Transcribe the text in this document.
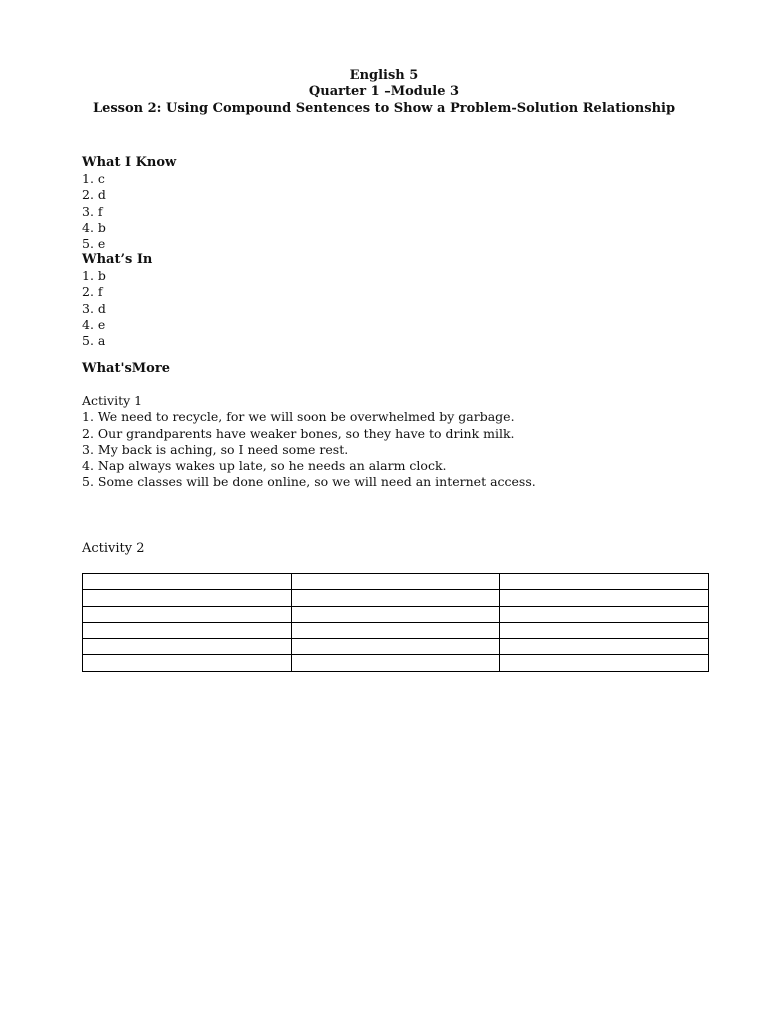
English 5
Quarter 1 –Module 3
Lesson 2: Using Compound Sentences to Show a Problem-Solution Relationship
What I Know
1. c
2. d
3. f
4. b
5. e
What’s In
1. b
2. f
3. d
4. e
5. a
What'sMore
Activity 1
1. We need to recycle, for we will soon be overwhelmed by garbage.
2. Our grandparents have weaker bones, so they have to drink milk.
3. My back is aching, so I need some rest.
4. Nap always wakes up late, so he needs an alarm clock.
5. Some classes will be done online, so we will need an internet access.
Activity 2
